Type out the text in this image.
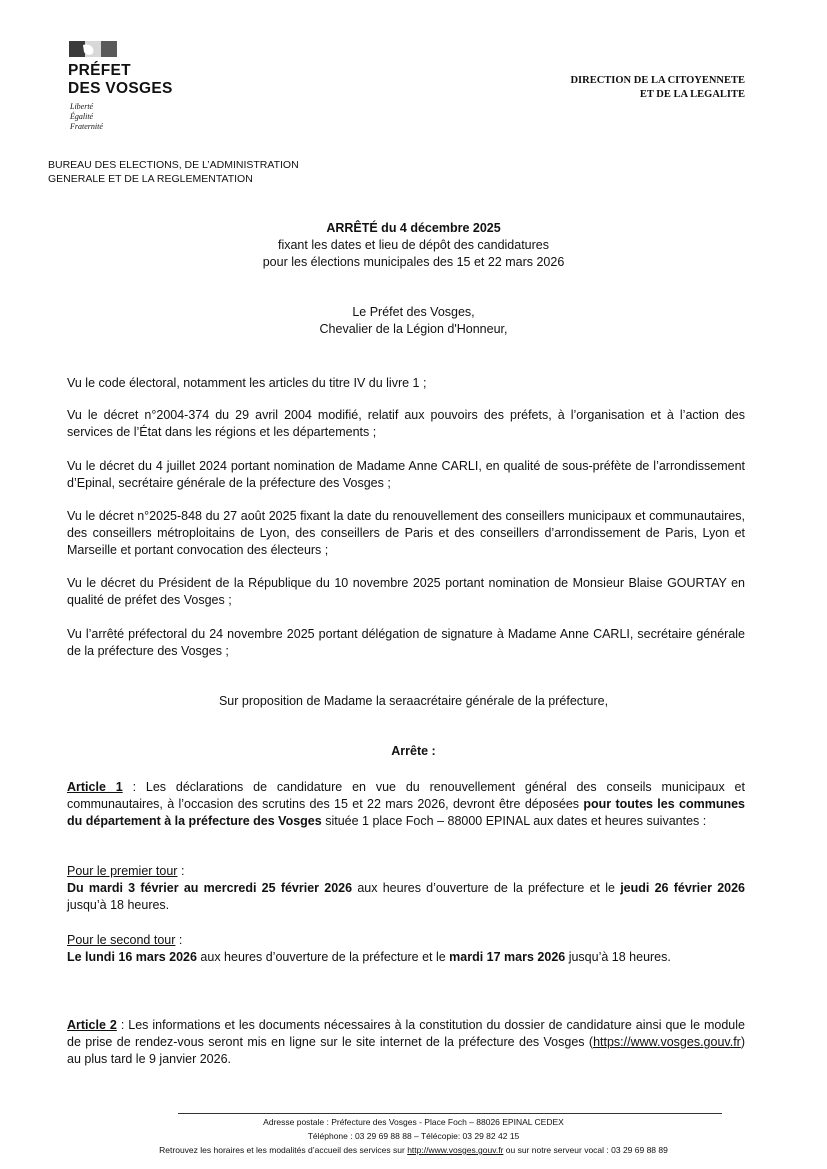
PRÉFET
DES VOSGES
Liberté
Égalité
Fraternité
DIRECTION DE LA CITOYENNETE
ET DE LA LEGALITE
BUREAU DES ELECTIONS, DE L’ADMINISTRATION
GENERALE ET DE LA REGLEMENTATION
ARRÊTÉ du 4 décembre 2025
fixant les dates et lieu de dépôt des candidatures
pour les élections municipales des 15 et 22 mars 2026
Le Préfet des Vosges,
Chevalier de la Légion d'Honneur,

Vu le code électoral, notamment les articles du titre IV du livre 1 ;

Vu le décret n°2004-374 du 29 avril 2004 modifié, relatif aux pouvoirs des préfets, à l’organisation et à l’action des services de l’État dans les régions et les départements ;

Vu le décret du 4 juillet 2024 portant nomination de Madame Anne CARLI, en qualité de sous-préfète de l’arrondissement d’Epinal, secrétaire générale de la préfecture des Vosges ;

Vu le décret n°2025-848 du 27 août 2025 fixant la date du renouvellement des conseillers municipaux et communautaires, des conseillers métroploitains de Lyon, des conseillers de Paris et des conseillers d’arrondissement de Paris, Lyon et Marseille et portant convocation des électeurs ;

Vu le décret du Président de la République du 10 novembre 2025 portant nomination de Monsieur Blaise GOURTAY en qualité de préfet des Vosges ;

Vu l’arrêté préfectoral du 24 novembre 2025 portant délégation de signature à Madame Anne CARLI, secrétaire générale de la préfecture des Vosges ;

Sur proposition de Madame la seraacrétaire générale de la préfecture,
Arrête :

Article 1 : Les déclarations de candidature en vue du renouvellement général des conseils municipaux et communautaires, à l’occasion des scrutins des 15 et 22 mars 2026, devront être déposées pour toutes les communes du département à la préfecture des Vosges située 1 place Foch – 88000 EPINAL aux dates et heures suivantes :

Pour le premier tour :
Du mardi 3 février au mercredi 25 février 2026 aux heures d’ouverture de la préfecture et le jeudi 26 février 2026 jusqu’à 18 heures.

Pour le second tour :
Le lundi 16 mars 2026 aux heures d’ouverture de la préfecture et le mardi 17 mars 2026 jusqu’à 18 heures.

Article 2 : Les informations et les documents nécessaires à la constitution du dossier de candidature ainsi que le module de prise de rendez-vous seront mis en ligne sur le site internet de la préfecture des Vosges (https://www.vosges.gouv.fr) au plus tard le 9 janvier 2026.

Adresse postale : Préfecture des Vosges - Place Foch – 88026 EPINAL CEDEX
Téléphone : 03 29 69 88 88 – Télécopie: 03 29 82 42 15
Retrouvez les horaires et les modalités d’accueil des services sur http://www.vosges.gouv.fr ou sur notre serveur vocal : 03 29 69 88 89
